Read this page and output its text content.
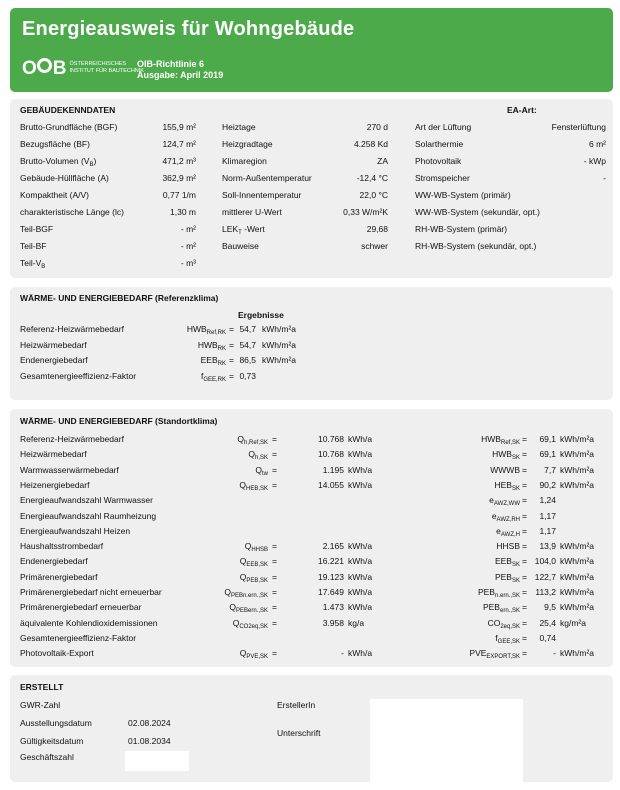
Energieausweis für Wohngebäude
O B ÖSTERREICHISCHES
INSTITUT FÜR BAUTECHNIK
OIB-Richtlinie 6
Ausgabe: April 2019
GEBÄUDEKENNDATEN	EA-Art:
Brutto-Grundfläche (BGF)	155,9 m²
Bezugsfläche (BF)	124,7 m²
Brutto-Volumen $(V_B)$	471,2 m³
Gebäude-Hüllfläche (A)	362,9 m²
Kompaktheit (A/V)	0,77 1/m
charakteristische Länge (lc)	1,30 m
Teil-BGF	- m²
Teil-BF	- m²
Teil-$V_B$	- m³
Heiztage	270 d
Heizgradtage	4.258 Kd
Klimaregion	ZA
Norm-Außentemperatur	-12,4 °C
Soll-Innentemperatur	22,0 °C
mittlerer U-Wert	0,33 W/m²K
$LEK_T$ -Wert	29,68
Bauweise	schwer
Art der Lüftung	Fensterlüftung
Solarthermie	6 m²
Photovoltaik	- kWp
Stromspeicher	-
WW-WB-System (primär)
WW-WB-System (sekundär, opt.)
RH-WB-System (primär)
RH-WB-System (sekundär, opt.)
WÄRME- UND ENERGIEBEDARF (Referenzklima)
Ergebnisse
Referenz-Heizwärmebedarf	$HWB_{Ref,RK} = 54,7$ kWh/m²a
Heizwärmebedarf	$HWB_{RK} = 54,7$ kWh/m²a
Endenergiebedarf	$EEB_{RK} = 86,5$ kWh/m²a
Gesamtenergieeffizienz-Faktor	$f_{GEE,RK} = 0,73$
WÄRME- UND ENERGIEBEDARF (Standortklima)
Referenz-Heizwärmebedarf	$Q_{h,Ref,SK}$ =	10.768 kWh/a	$HWB_{Ref,SK}$ =	69,1 kWh/m²a
Heizwärmebedarf	$Q_{h,SK}$ =	10.768 kWh/a	$HWB_{SK}$ =	69,1 kWh/m²a
Warmwasserwärmebedarf	$Q_{tw}$ =	1.195 kWh/a	WWWB =	7,7 kWh/m²a
Heizenergiebedarf	$Q_{HEB,SK}$ =	14.055 kWh/a	$HEB_{SK}$ =	90,2 kWh/m²a
Energieaufwandszahl Warmwasser	$e_{AWZ,WW}$ =	1,24
Energieaufwandszahl Raumheizung	$e_{AWZ,RH}$ =	1,17
Energieaufwandszahl Heizen	$e_{AWZ,H}$ =	1,17
Haushaltsstrombedarf	$Q_{HHSB}$ =	2.165 kWh/a	HHSB =	13,9 kWh/m²a
Endenergiebedarf	$Q_{EEB,SK}$ =	16.221 kWh/a	$EEB_{SK} = 104,0$ kWh/m²a
Primärenergiebedarf	$Q_{PEB,SK}$ =	19.123 kWh/a	$PEB_{SK} = 122,7$ kWh/m²a
Primärenergiebedarf nicht erneuerbar	$Q_{PEBn.ern.,SK}$ =	17.649 kWh/a	$PEB_{n.ern.,SK} = 113,2$ kWh/m²a
Primärenergiebedarf erneuerbar	$Q_{PEBern.,SK}$ =	1.473 kWh/a	$PEB_{ern.,SK}$ =	9,5 kWh/m²a
äquivalente Kohlendioxidemissionen	$Q_{CO2eq,SK}$ =	3.958 kg/a	$CO_{2eq,SK}$ =	25,4 kg/m²a
Gesamtenergieeffizienz-Faktor	$f_{GEE,SK}$ =	0,74
Photovoltaik-Export	$Q_{PVE,SK}$ =	- kWh/a	$PVE_{EXPORT,SK}$ =	- kWh/m²a
ERSTELLT
GWR-Zahl
Ausstellungsdatum	02.08.2024
Gültigkeitsdatum	01.08.2034
Geschäftszahl
ErstellerIn
Unterschrift
